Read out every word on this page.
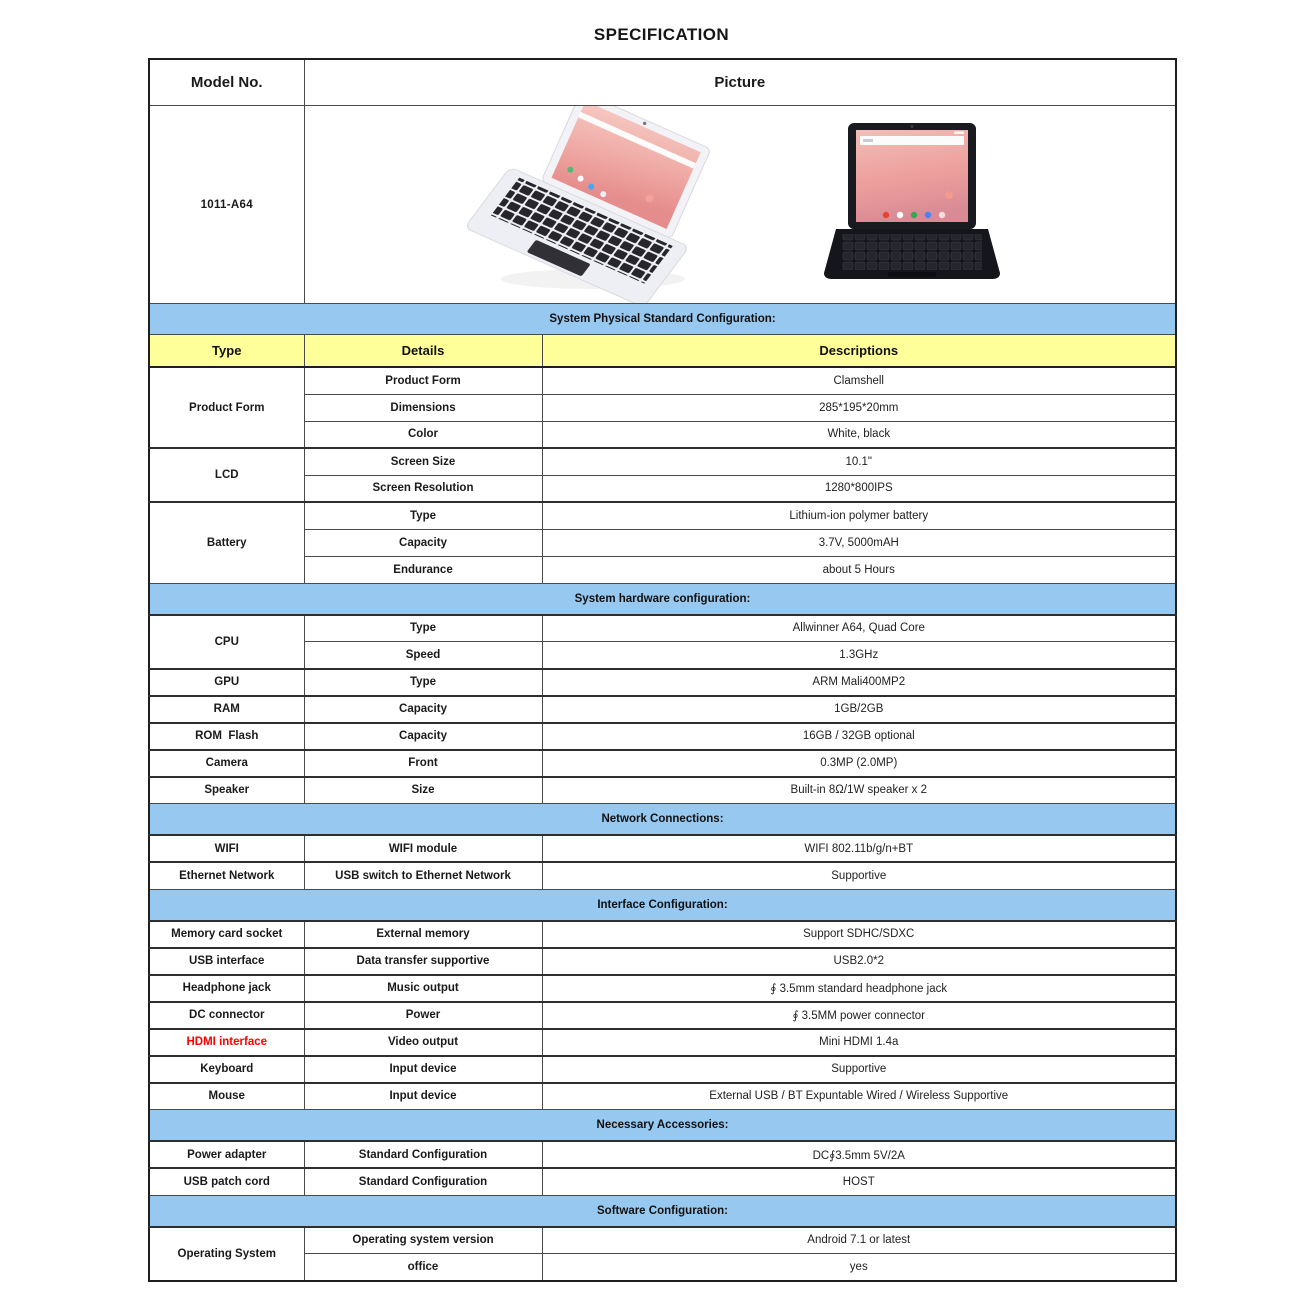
SPECIFICATION
Model No.	Picture	
1011-A64	

System Physical Standard Configuration:		
Type	Details	Descriptions
Product Form	Product Form	Clamshell
	Dimensions	285*195*20mm
	Color	White, black
LCD	Screen Size	10.1"
	Screen Resolution	1280*800IPS
Battery	Type	Lithium-ion polymer battery
	Capacity	3.7V, 5000mAH
	Endurance	about 5 Hours
System hardware configuration:		
CPU	Type	Allwinner A64, Quad Core
	Speed	1.3GHz
GPU	Type	ARM Mali400MP2
RAM	Capacity	1GB/2GB
ROM  Flash	Capacity	16GB / 32GB optional
Camera	Front	0.3MP (2.0MP)
Speaker	Size	Built-in 8Ω/1W speaker x 2
Network Connections:		
WIFI	WIFI module	WIFI 802.11b/g/n+BT
Ethernet Network	USB switch to Ethernet Network	Supportive
Interface Configuration:		
Memory card socket	External memory	Support SDHC/SDXC
USB interface	Data transfer supportive	USB2.0*2
Headphone jack	Music output	∮ 3.5mm standard headphone jack
DC connector	Power	∮ 3.5MM power connector
HDMI interface	Video output	Mini HDMI 1.4a
Keyboard	Input device	Supportive
Mouse	Input device	External USB / BT Expuntable Wired / Wireless Supportive
Necessary Accessories:		
Power adapter	Standard Configuration	DC∮3.5mm 5V/2A
USB patch cord	Standard Configuration	HOST
Software Configuration:		
Operating System	Operating system version	Android 7.1 or latest
	office	yes
